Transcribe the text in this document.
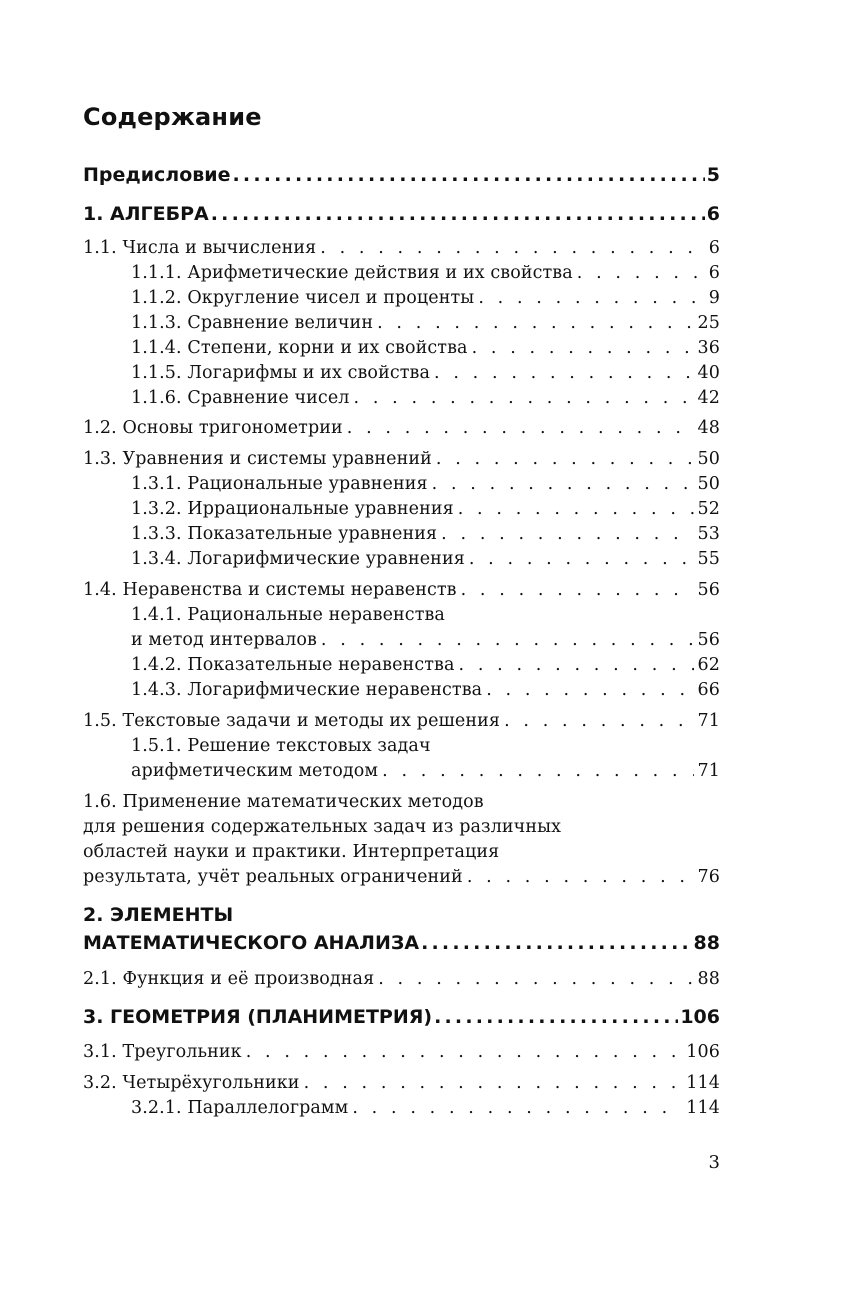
Содержание
Предисловие .....	5
1. АЛГЕБРА .....	6
1.1. Числа и вычисления . . .	6
1.1.1. Арифметические действия и их свойства . . .	6
1.1.2. Округление чисел и проценты . . .	9
1.1.3. Сравнение величин . . .	25
1.1.4. Степени, корни и их свойства . . .	36
1.1.5. Логарифмы и их свойства . . .	40
1.1.6. Сравнение чисел . . .	42
1.2. Основы тригонометрии . . .	48
1.3. Уравнения и системы уравнений . . .	50
1.3.1. Рациональные уравнения . . .	50
1.3.2. Иррациональные уравнения . . .	52
1.3.3. Показательные уравнения . . .	53
1.3.4. Логарифмические уравнения . . .	55
1.4. Неравенства и системы неравенств . . .	56
1.4.1. Рациональные неравенства
и метод интервалов . . .	56
1.4.2. Показательные неравенства . . .	62
1.4.3. Логарифмические неравенства . . .	66
1.5. Текстовые задачи и методы их решения . . .	71
1.5.1. Решение текстовых задач
арифметическим методом . . .	71
1.6. Применение математических методов
для решения содержательных задач из различных
областей науки и практики. Интерпретация
результата, учёт реальных ограничений . . .	76
2. ЭЛЕМЕНТЫ
МАТЕМАТИЧЕСКОГО АНАЛИЗА .....	88
2.1. Функция и её производная . . .	88
3. ГЕОМЕТРИЯ (ПЛАНИМЕТРИЯ) .....	106
3.1. Треугольник . . .	106
3.2. Четырёхугольники . . .	114
3.2.1. Параллелограмм . . .	114
3
